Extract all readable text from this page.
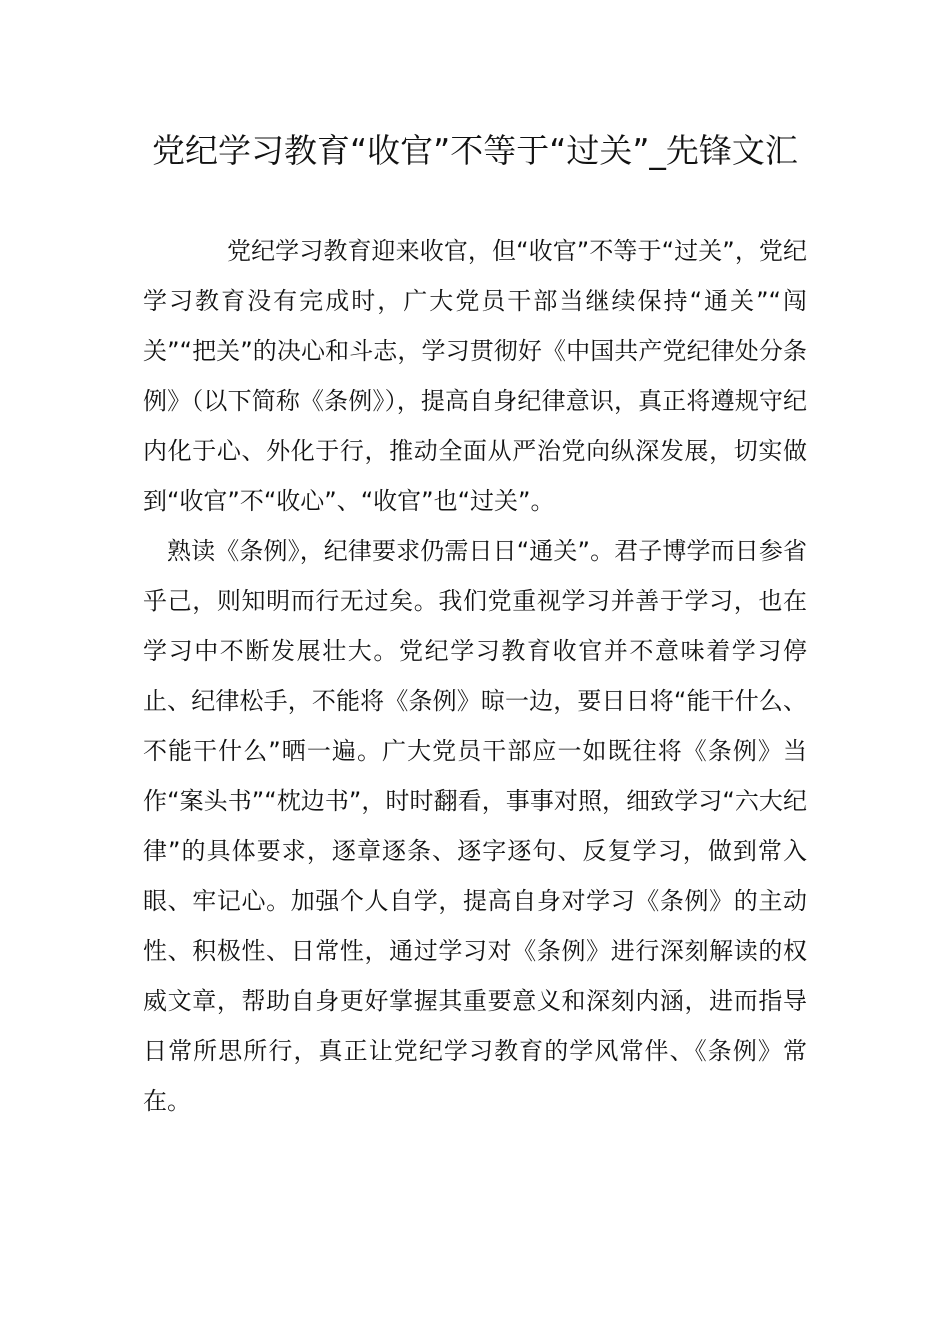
党纪学习教育“收官”不等于“过关”_先锋文汇

党纪学习教育迎来收官，但“收官”不等于“过关”，党纪学习教育没有完成时，广大党员干部当继续保持“通关”“闯关”“把关”的决心和斗志，学习贯彻好《中国共产党纪律处分条例》（以下简称《条例》），提高自身纪律意识，真正将遵规守纪内化于心、外化于行，推动全面从严治党向纵深发展，切实做到“收官”不“收心”、“收官”也“过关”。

熟读《条例》，纪律要求仍需日日“通关”。君子博学而日参省乎己，则知明而行无过矣。我们党重视学习并善于学习，也在学习中不断发展壮大。党纪学习教育收官并不意味着学习停止、纪律松手，不能将《条例》晾一边，要日日将“能干什么、不能干什么”晒一遍。广大党员干部应一如既往将《条例》当作“案头书”“枕边书”，时时翻看，事事对照，细致学习“六大纪律”的具体要求，逐章逐条、逐字逐句、反复学习，做到常入眼、牢记心。加强个人自学，提高自身对学习《条例》的主动性、积极性、日常性，通过学习对《条例》进行深刻解读的权威文章，帮助自身更好掌握其重要意义和深刻内涵，进而指导日常所思所行，真正让党纪学习教育的学风常伴、《条例》常在。
